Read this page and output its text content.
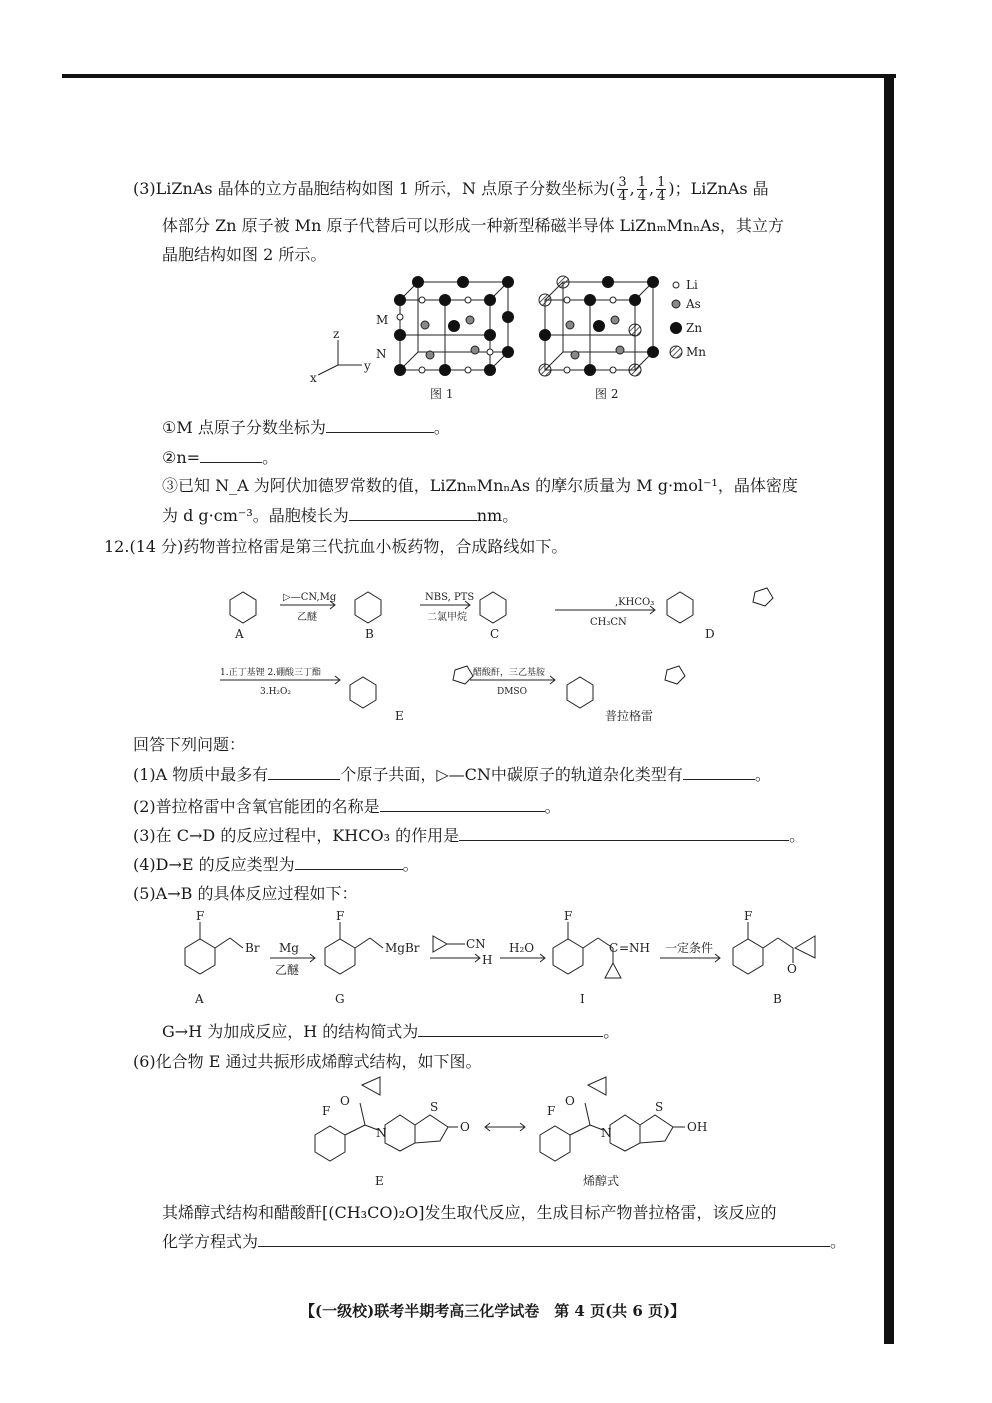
(3)LiZnAs 晶体的立方晶胞结构如图 1 所示，N 点原子分数坐标为( $\frac{3}{4}$ , $\frac{1}{4}$ , $\frac{1}{4}$ )；LiZnAs 晶
体部分 Zn 原子被 Mn 原子代替后可以形成一种新型稀磁半导体 LiZnₘMnₙAs，其立方
晶胞结构如图 2 所示。
z
y
x
M
N
图 1	图 2
Li
As
Zn
Mn
①M 点原子分数坐标为	。
②n=	。
③已知 N_A 为阿伏加德罗常数的值，LiZnₘMnₙAs 的摩尔质量为 M g·mol⁻¹，晶体密度
为 d g·cm⁻³。晶胞棱长为	nm。
12.(14 分)药物普拉格雷是第三代抗血小板药物，合成路线如下。
A	B	C	D
E	普拉格雷
▷—CN,Mg
乙醚
NBS, PTS
二氯甲烷
,KHCO₃
CH₃CN
1.正丁基锂 2.硼酸三丁酯
3.H₂O₂
醋酸酐，三乙基胺
DMSO
回答下列问题：
(1)A 物质中最多有	个原子共面，▷—CN中碳原子的轨道杂化类型有	。
(2)普拉格雷中含氧官能团的名称是	。
(3)在 C→D 的反应过程中，KHCO₃ 的作用是	。
(4)D→E 的反应类型为	。
(5)A→B 的具体反应过程如下：
F	F	F	F
Br	MgBr	CN
H
C =NH
O
Mg
乙醚
H₂O	一定条件
A	G	I	B
G→H 为加成反应，H 的结构简式为	。
(6)化合物 E 通过共振形成烯醇式结构，如下图。
F	F
O	O
N	N
S	S
O	OH
E	烯醇式
其烯醇式结构和醋酸酐[(CH₃CO)₂O]发生取代反应，生成目标产物普拉格雷，该反应的
化学方程式为	。
【(一级校)联考半期考高三化学试卷　第 4 页(共 6 页)】
